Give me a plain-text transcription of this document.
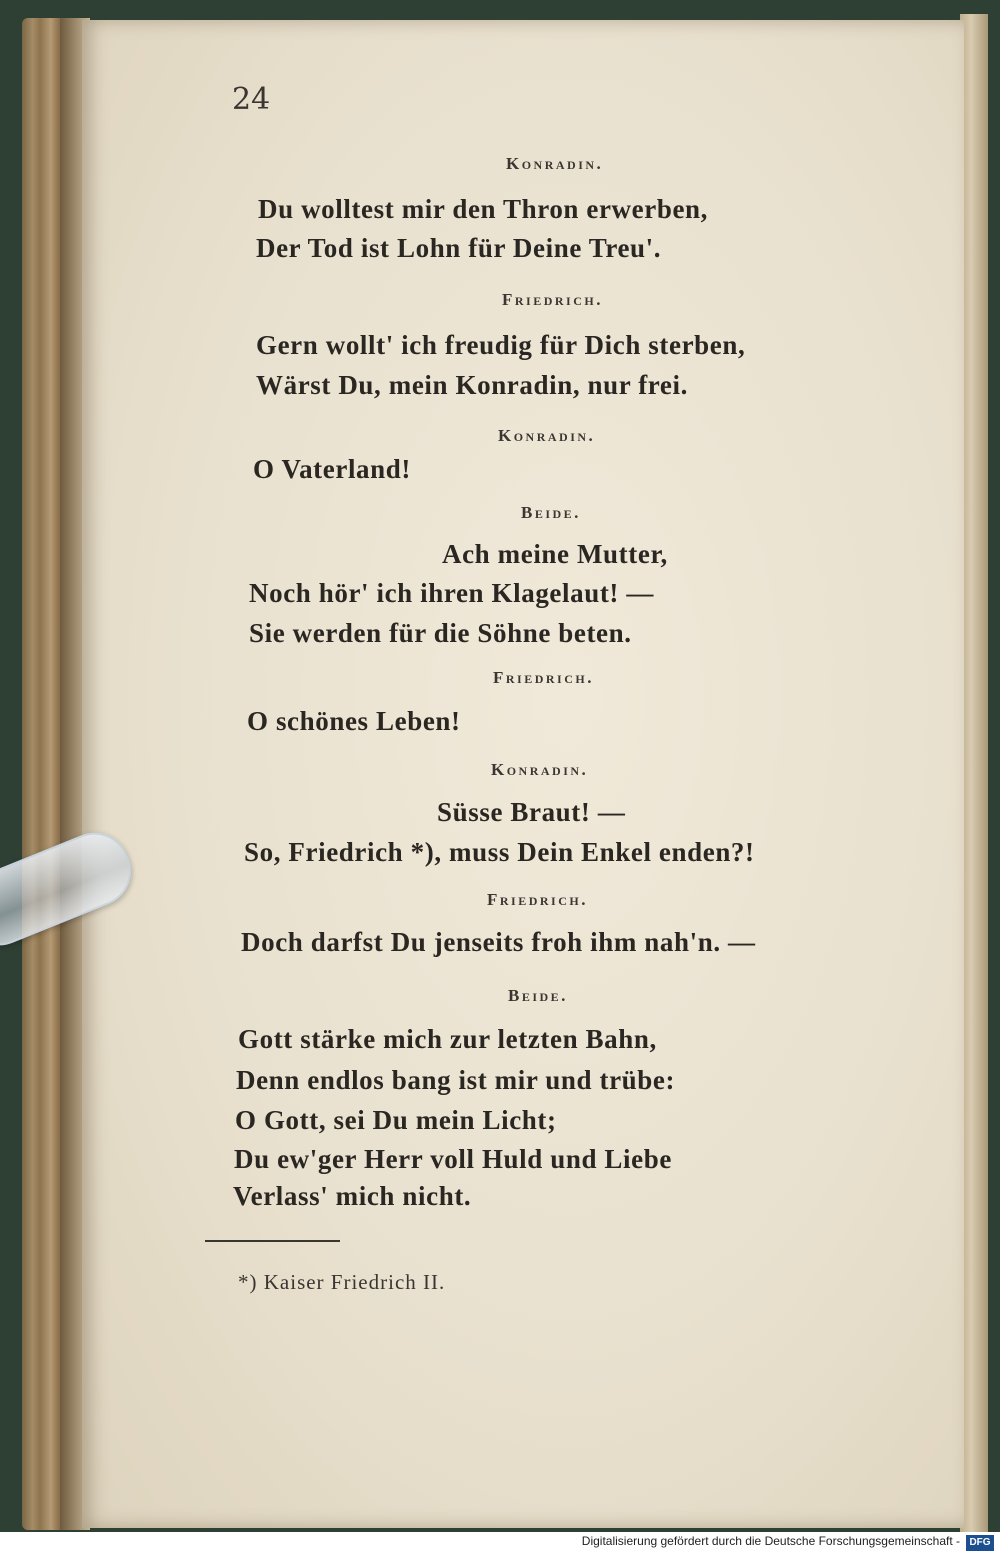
24

Konradin.

Du wolltest mir den Thron erwerben,

Der Tod ist Lohn für Deine Treu'.

Friedrich.

Gern wollt' ich freudig für Dich sterben,

Wärst Du, mein Konradin, nur frei.

Konradin.

O Vaterland!

Beide.

Ach meine Mutter,

Noch hör' ich ihren Klagelaut! —

Sie werden für die Söhne beten.

Friedrich.

O schönes Leben!

Konradin.

Süsse Braut! —

So, Friedrich *), muss Dein Enkel enden?!

Friedrich.

Doch darfst Du jenseits froh ihm nah'n. —

Beide.

Gott stärke mich zur letzten Bahn,

Denn endlos bang ist mir und trübe:

O Gott, sei Du mein Licht;

Du ew'ger Herr voll Huld und Liebe

Verlass' mich nicht.

*) Kaiser Friedrich II.

Digitalisierung gefördert durch die Deutsche Forschungsgemeinschaft - DFG
